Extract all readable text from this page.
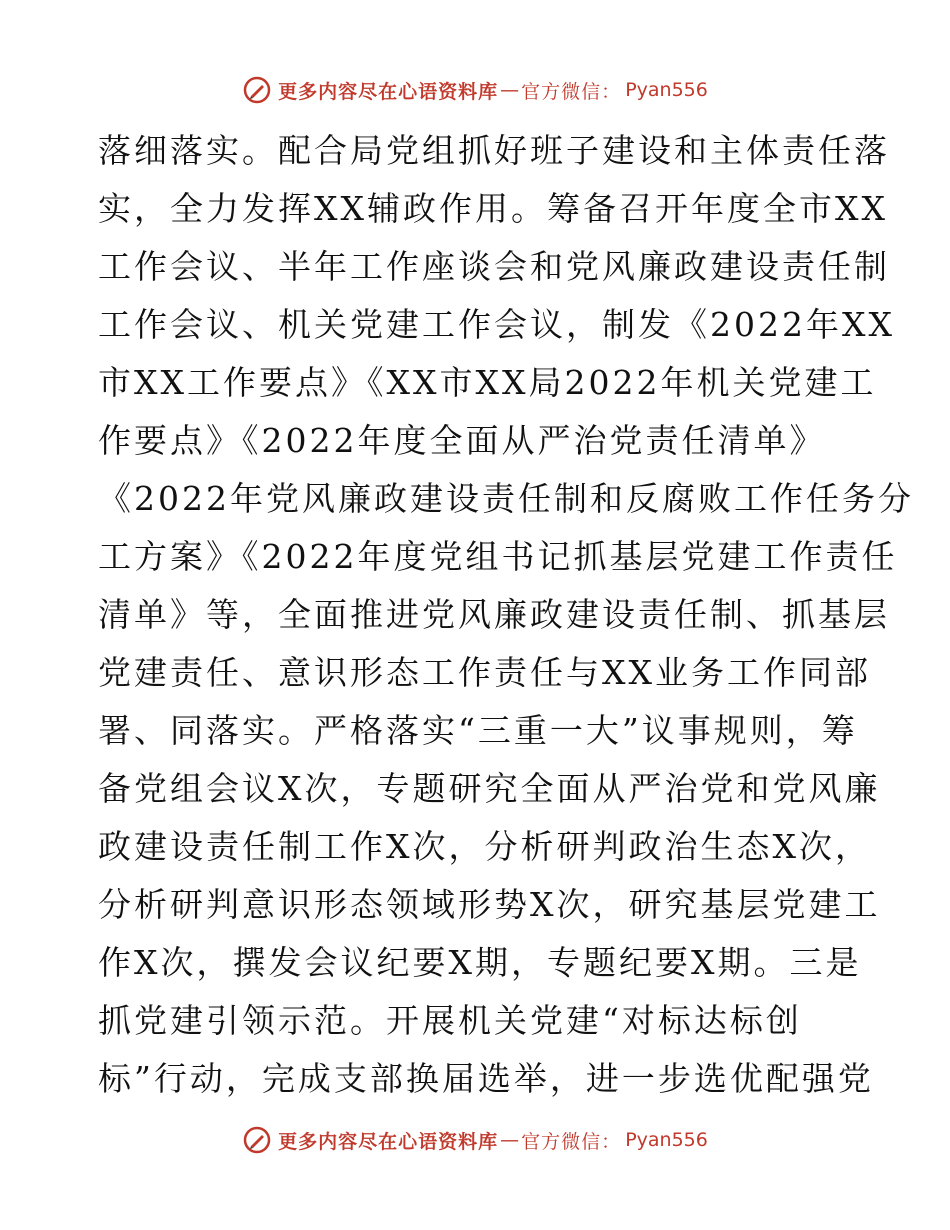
更多内容尽在心语资料库 — 官方微信： Pyan556
落细落实。配合局党组抓好班子建设和主体责任落
实，全力发挥XX辅政作用。筹备召开年度全市XX
工作会议、半年工作座谈会和党风廉政建设责任制
工作会议、机关党建工作会议，制发《2022年XX
市XX工作要点》《XX市XX局2022年机关党建工
作要点》《2022年度全面从严治党责任清单》
《2022年党风廉政建设责任制和反腐败工作任务分
工方案》《2022年度党组书记抓基层党建工作责任
清单》等，全面推进党风廉政建设责任制、抓基层
党建责任、意识形态工作责任与XX业务工作同部
署、同落实。严格落实“三重一大”议事规则，筹
备党组会议X次，专题研究全面从严治党和党风廉
政建设责任制工作X次，分析研判政治生态X次，
分析研判意识形态领域形势X次，研究基层党建工
作X次，撰发会议纪要X期，专题纪要X期。三是
抓党建引领示范。开展机关党建“对标达标创
标”行动，完成支部换届选举，进一步选优配强党
更多内容尽在心语资料库 — 官方微信： Pyan556
